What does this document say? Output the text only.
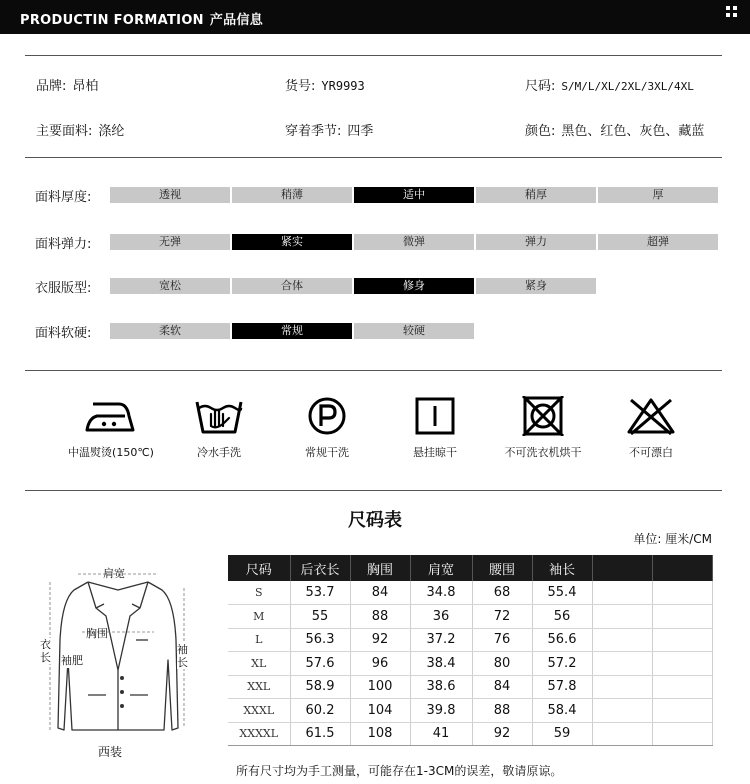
PRODUCTIN FORMATION 产品信息
品牌: 昂柏	货号: YR9993	尺码: S/M/L/XL/2XL/3XL/4XL
主要面料: 涤纶	穿着季节: 四季	颜色: 黑色、红色、灰色、藏蓝
面料厚度:	透视	稍薄	适中	稍厚	厚
面料弹力:	无弹	紧实	微弹	弹力	超弹
衣服版型:	宽松	合体	修身	紧身
面料软硬:	柔软	常规	较硬
中温熨烫(150℃)	冷水手洗	常规干洗	悬挂晾干	不可洗衣机烘干	不可漂白
尺码表
单位: 厘米/CM
尺码	后衣长	胸围	肩宽	腰围	袖长		
S	53.7	84	34.8	68	55.4		
M	55	88	36	72	56		
L	56.3	92	37.2	76	56.6		
XL	57.6	96	38.4	80	57.2		
XXL	58.9	100	38.6	84	57.8		
XXXL	60.2	104	39.8	88	58.4		
XXXXL	61.5	108	41	92	59		
肩宽
胸围
衣长 袖肥
袖长
西装
所有尺寸均为手工测量，可能存在1-3CM的误差，敬请原谅。
